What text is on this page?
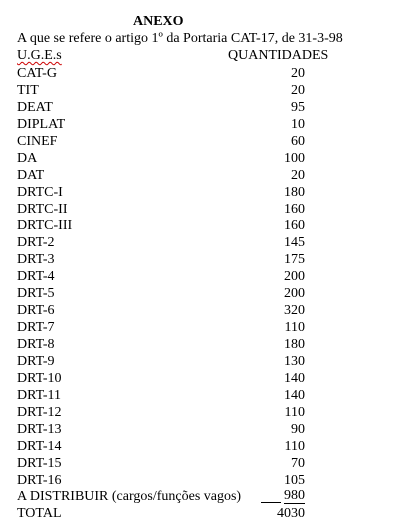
ANEXO
A que se refere o artigo 1º da Portaria CAT-17, de 31-3-98
U.G.E.s	QUANTIDADES
CAT-G	20
TIT	20
DEAT	95
DIPLAT	10
CINEF	60
DA	100
DAT	20
DRTC-I	180
DRTC-II	160
DRTC-III	160
DRT-2	145
DRT-3	175
DRT-4	200
DRT-5	200
DRT-6	320
DRT-7	110
DRT-8	180
DRT-9	130
DRT-10	140
DRT-11	140
DRT-12	110
DRT-13	90
DRT-14	110
DRT-15	70
DRT-16	105
A DISTRIBUIR (cargos/funções vagos)	980
TOTAL	4030
